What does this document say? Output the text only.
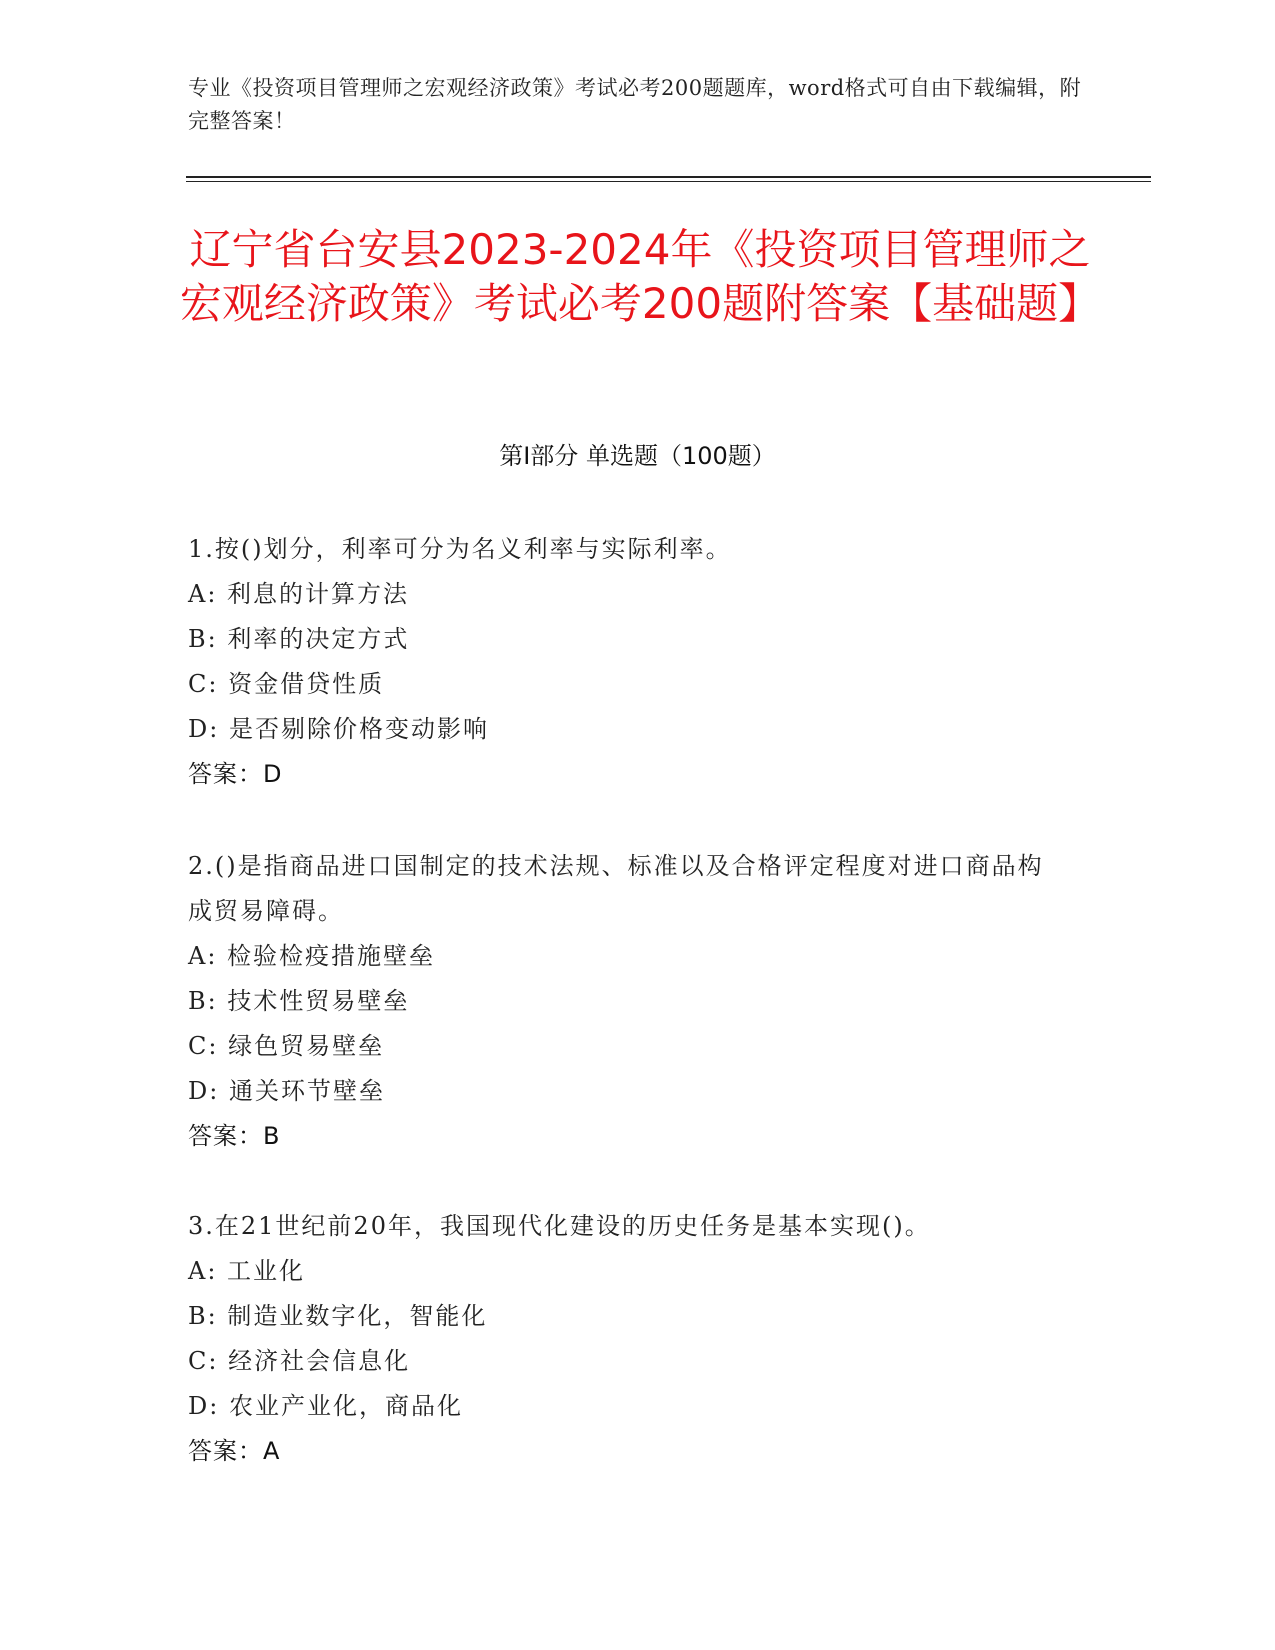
专业《投资项目管理师之宏观经济政策》考试必考200题题库，word格式可自由下载编辑，附完整答案！
辽宁省台安县2023-2024年《投资项目管理师之宏观经济政策》考试必考200题附答案【基础题】
第Ⅰ部分 单选题（100题）

1.按()划分，利率可分为名义利率与实际利率。

A: 利息的计算方法

B: 利率的决定方式

C: 资金借贷性质

D: 是否剔除价格变动影响

答案：D

2.()是指商品进口国制定的技术法规、标准以及合格评定程度对进口商品构成贸易障碍。

A: 检验检疫措施壁垒

B: 技术性贸易壁垒

C: 绿色贸易壁垒

D: 通关环节壁垒

答案：B

3.在21世纪前20年，我国现代化建设的历史任务是基本实现()。

A: 工业化

B: 制造业数字化，智能化

C: 经济社会信息化

D: 农业产业化，商品化

答案：A
